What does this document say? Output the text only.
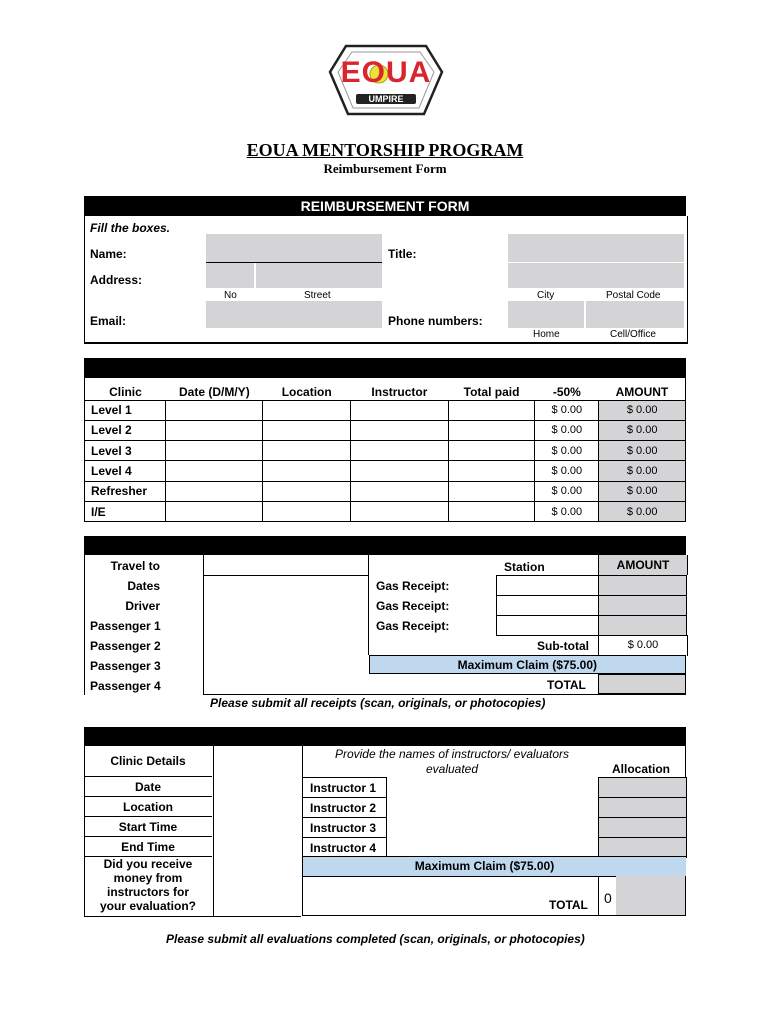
EOUA
UMPIRE
EOUA MENTORSHIP PROGRAM
Reimbursement Form
REIMBURSEMENT FORM
Fill the boxes.
Name:	Title:
Address:
No	Street	City	Postal Code
Email:	Phone numbers:
Home	Cell/Office
Clinic	Date (D/M/Y)	Location	Instructor	Total paid	-50%	AMOUNT
Level 1					$ 0.00	$ 0.00
Level 2					$ 0.00	$ 0.00
Level 3					$ 0.00	$ 0.00
Level 4					$ 0.00	$ 0.00
Refresher					$ 0.00	$ 0.00
I/E					$ 0.00	$ 0.00
Travel to
Dates
Driver
Passenger 1
Passenger 2
Passenger 3
Passenger 4
Station	AMOUNT
Gas Receipt:
Gas Receipt:
Gas Receipt:
Sub-total	$ 0.00
Maximum Claim ($75.00)
TOTAL
Please submit all receipts (scan, originals, or photocopies)
Clinic Details
Date
Location
Start Time
End Time
Did you receive money from instructors for your evaluation?
Provide the names of instructors/ evaluators evaluated	Allocation
Instructor 1
Instructor 2
Instructor 3
Instructor 4
Maximum Claim ($75.00)
TOTAL 0
Please submit all evaluations completed (scan, originals, or photocopies)
